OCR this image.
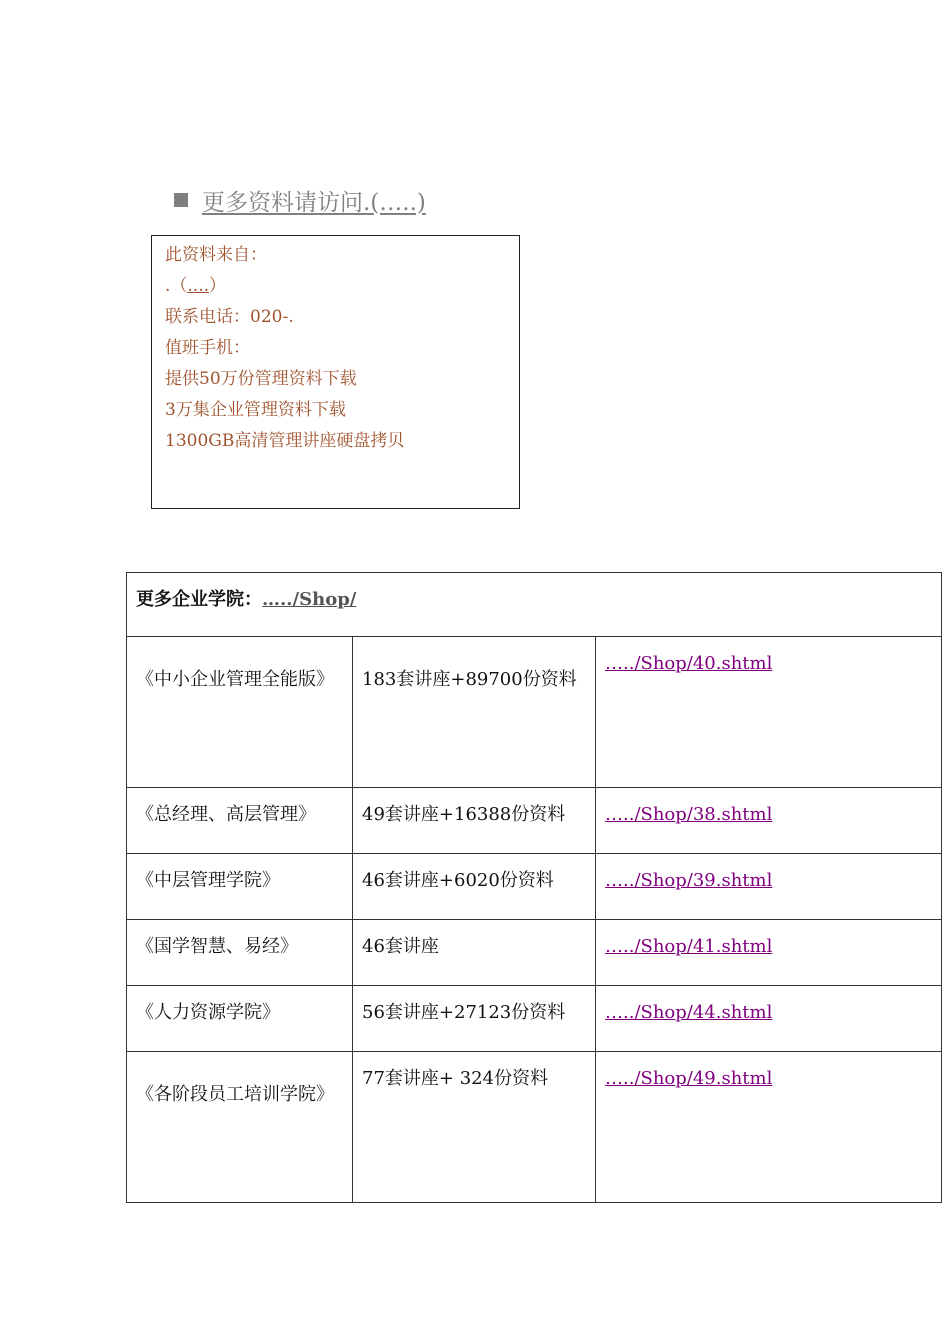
更多资料请访问.(…..)
此资料来自：
.（....）
联系电话：020-.
值班手机：
提供50万份管理资料下载
3万集企业管理资料下载
1300GB高清管理讲座硬盘拷贝
更多企业学院：…../Shop/		
《中小企业管理全能版》	183套讲座+89700份资料	…../Shop/40.shtml
《总经理、高层管理》	49套讲座+16388份资料	…../Shop/38.shtml
《中层管理学院》	46套讲座+6020份资料	…../Shop/39.shtml
《国学智慧、易经》	46套讲座	…../Shop/41.shtml
《人力资源学院》	56套讲座+27123份资料	…../Shop/44.shtml
《各阶段员工培训学院》	77套讲座+ 324份资料	…../Shop/49.shtml
